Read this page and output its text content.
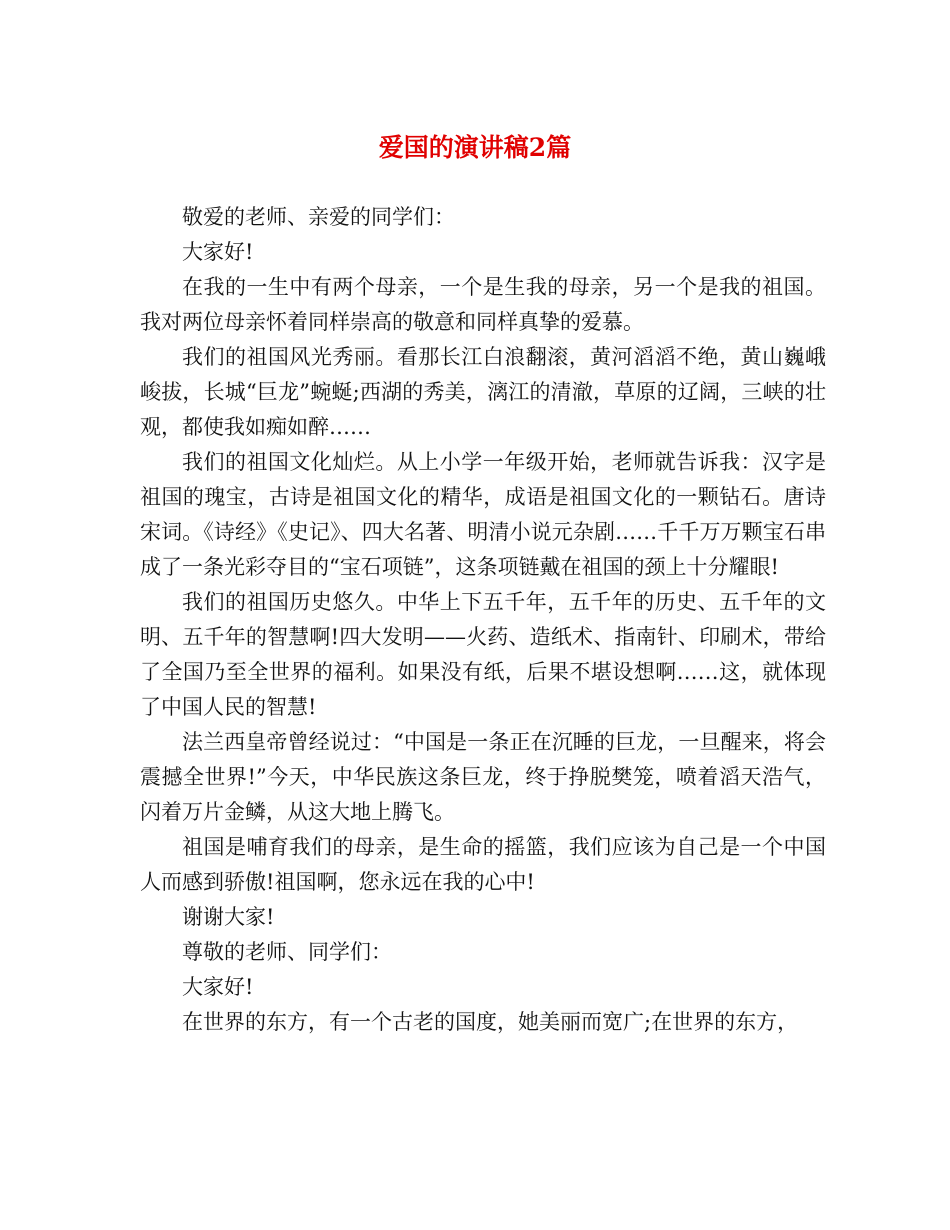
爱国的演讲稿2篇

敬爱的老师、亲爱的同学们：

大家好!

在我的一生中有两个母亲，一个是生我的母亲，另一个是我的祖国。我对两位母亲怀着同样崇高的敬意和同样真挚的爱慕。

我们的祖国风光秀丽。看那长江白浪翻滚，黄河滔滔不绝，黄山巍峨峻拔，长城“巨龙”蜿蜒;西湖的秀美，漓江的清澈，草原的辽阔，三峡的壮观，都使我如痴如醉……

我们的祖国文化灿烂。从上小学一年级开始，老师就告诉我：汉字是祖国的瑰宝，古诗是祖国文化的精华，成语是祖国文化的一颗钻石。唐诗宋词。《诗经》《史记》、四大名著、明清小说元杂剧……千千万万颗宝石串成了一条光彩夺目的“宝石项链”，这条项链戴在祖国的颈上十分耀眼!

我们的祖国历史悠久。中华上下五千年，五千年的历史、五千年的文明、五千年的智慧啊!四大发明——火药、造纸术、指南针、印刷术，带给了全国乃至全世界的福利。如果没有纸，后果不堪设想啊……这，就体现了中国人民的智慧!

法兰西皇帝曾经说过：“中国是一条正在沉睡的巨龙，一旦醒来，将会震撼全世界!”今天，中华民族这条巨龙，终于挣脱樊笼，喷着滔天浩气，闪着万片金鳞，从这大地上腾飞。

祖国是哺育我们的母亲，是生命的摇篮，我们应该为自己是一个中国人而感到骄傲!祖国啊，您永远在我的心中!

谢谢大家!

尊敬的老师、同学们：

大家好!

在世界的东方，有一个古老的国度，她美丽而宽广;在世界的东方，
